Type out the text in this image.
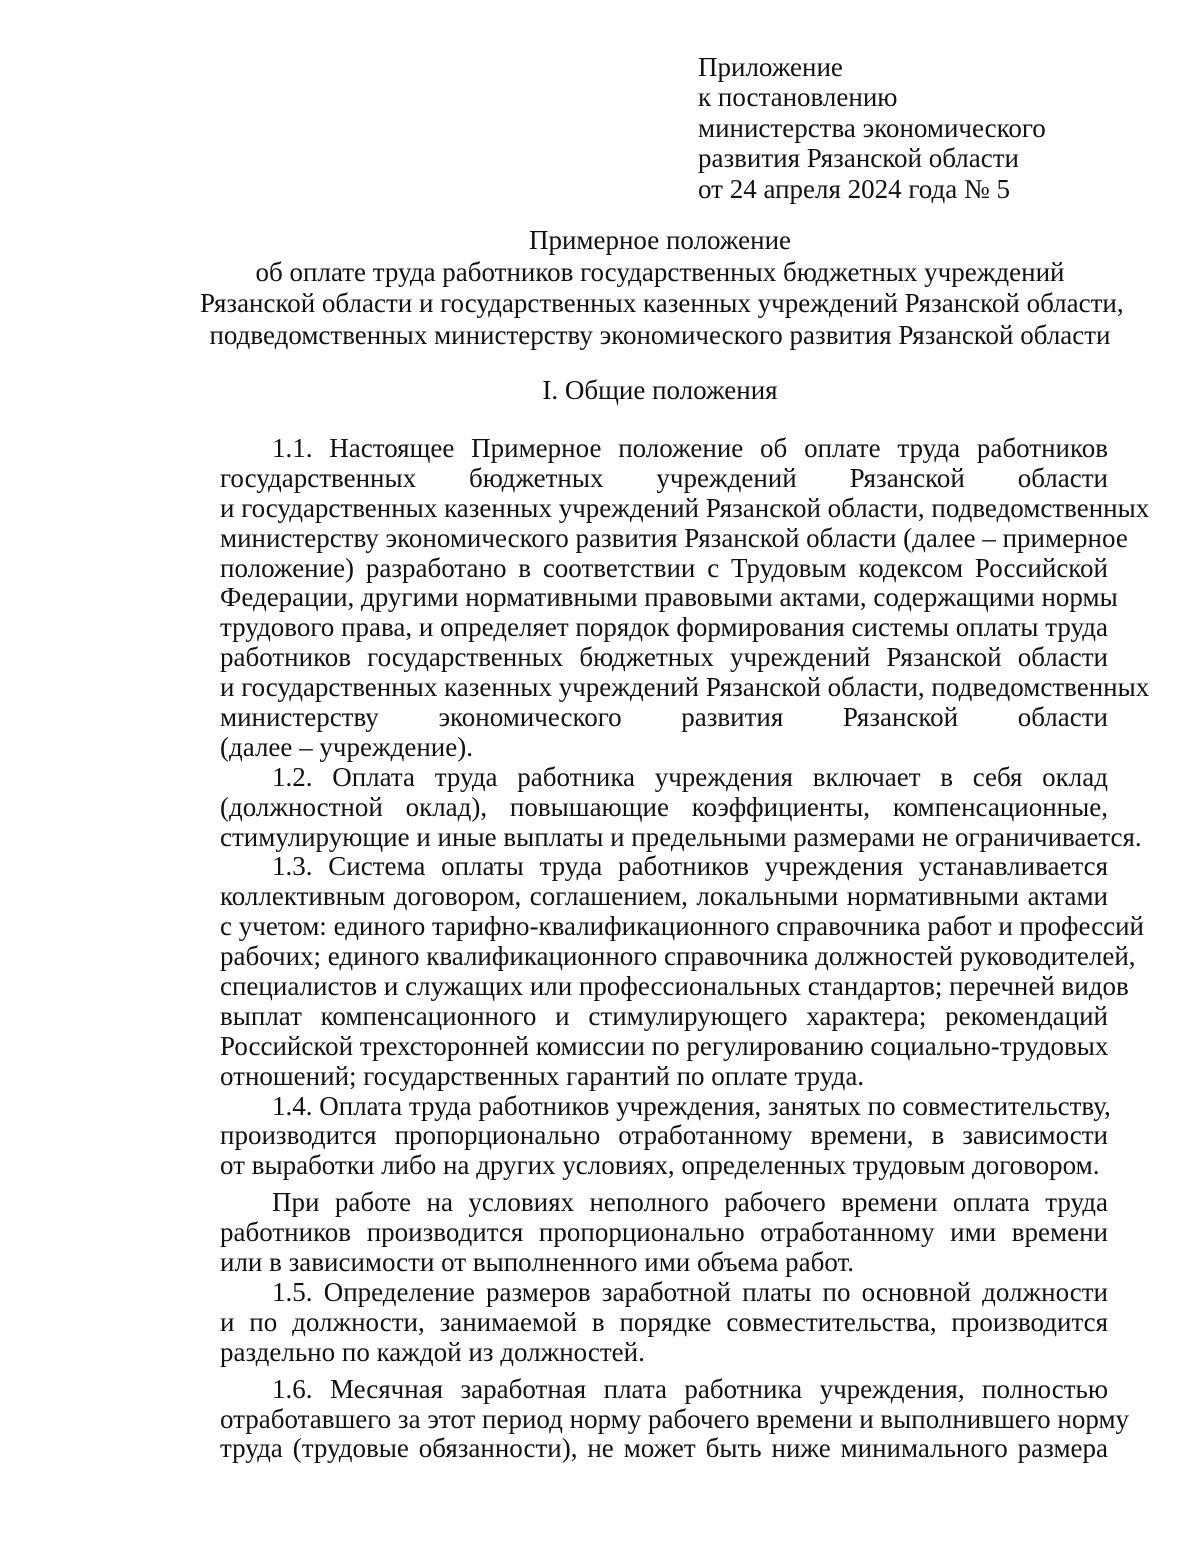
Приложение
к постановлению
министерства экономического
развития Рязанской области
от 24 апреля 2024 года № 5
Примерное положение
об оплате труда работников государственных бюджетных учреждений
Рязанской области и государственных казенных учреждений Рязанской области,
подведомственных министерству экономического развития Рязанской области
I. Общие положения
1.1. Настоящее Примерное положение об оплате труда работников
государственных бюджетных учреждений Рязанской области
и государственных казенных учреждений Рязанской области, подведомственных
министерству экономического развития Рязанской области (далее – примерное
положение) разработано в соответствии с Трудовым кодексом Российской
Федерации, другими нормативными правовыми актами, содержащими нормы
трудового права, и определяет порядок формирования системы оплаты труда
работников государственных бюджетных учреждений Рязанской области
и государственных казенных учреждений Рязанской области, подведомственных
министерству экономического развития Рязанской области
(далее – учреждение).
1.2. Оплата труда работника учреждения включает в себя оклад
(должностной оклад), повышающие коэффициенты, компенсационные,
стимулирующие и иные выплаты и предельными размерами не ограничивается.
1.3. Система оплаты труда работников учреждения устанавливается
коллективным договором, соглашением, локальными нормативными актами
с учетом: единого тарифно-квалификационного справочника работ и профессий
рабочих; единого квалификационного справочника должностей руководителей,
специалистов и служащих или профессиональных стандартов; перечней видов
выплат компенсационного и стимулирующего характера; рекомендаций
Российской трехсторонней комиссии по регулированию социально-трудовых
отношений; государственных гарантий по оплате труда.
1.4. Оплата труда работников учреждения, занятых по совместительству,
производится пропорционально отработанному времени, в зависимости
от выработки либо на других условиях, определенных трудовым договором.
При работе на условиях неполного рабочего времени оплата труда
работников производится пропорционально отработанному ими времени
или в зависимости от выполненного ими объема работ.
1.5. Определение размеров заработной платы по основной должности
и по должности, занимаемой в порядке совместительства, производится
раздельно по каждой из должностей.
1.6. Месячная заработная плата работника учреждения, полностью
отработавшего за этот период норму рабочего времени и выполнившего норму
труда (трудовые обязанности), не может быть ниже минимального размера
